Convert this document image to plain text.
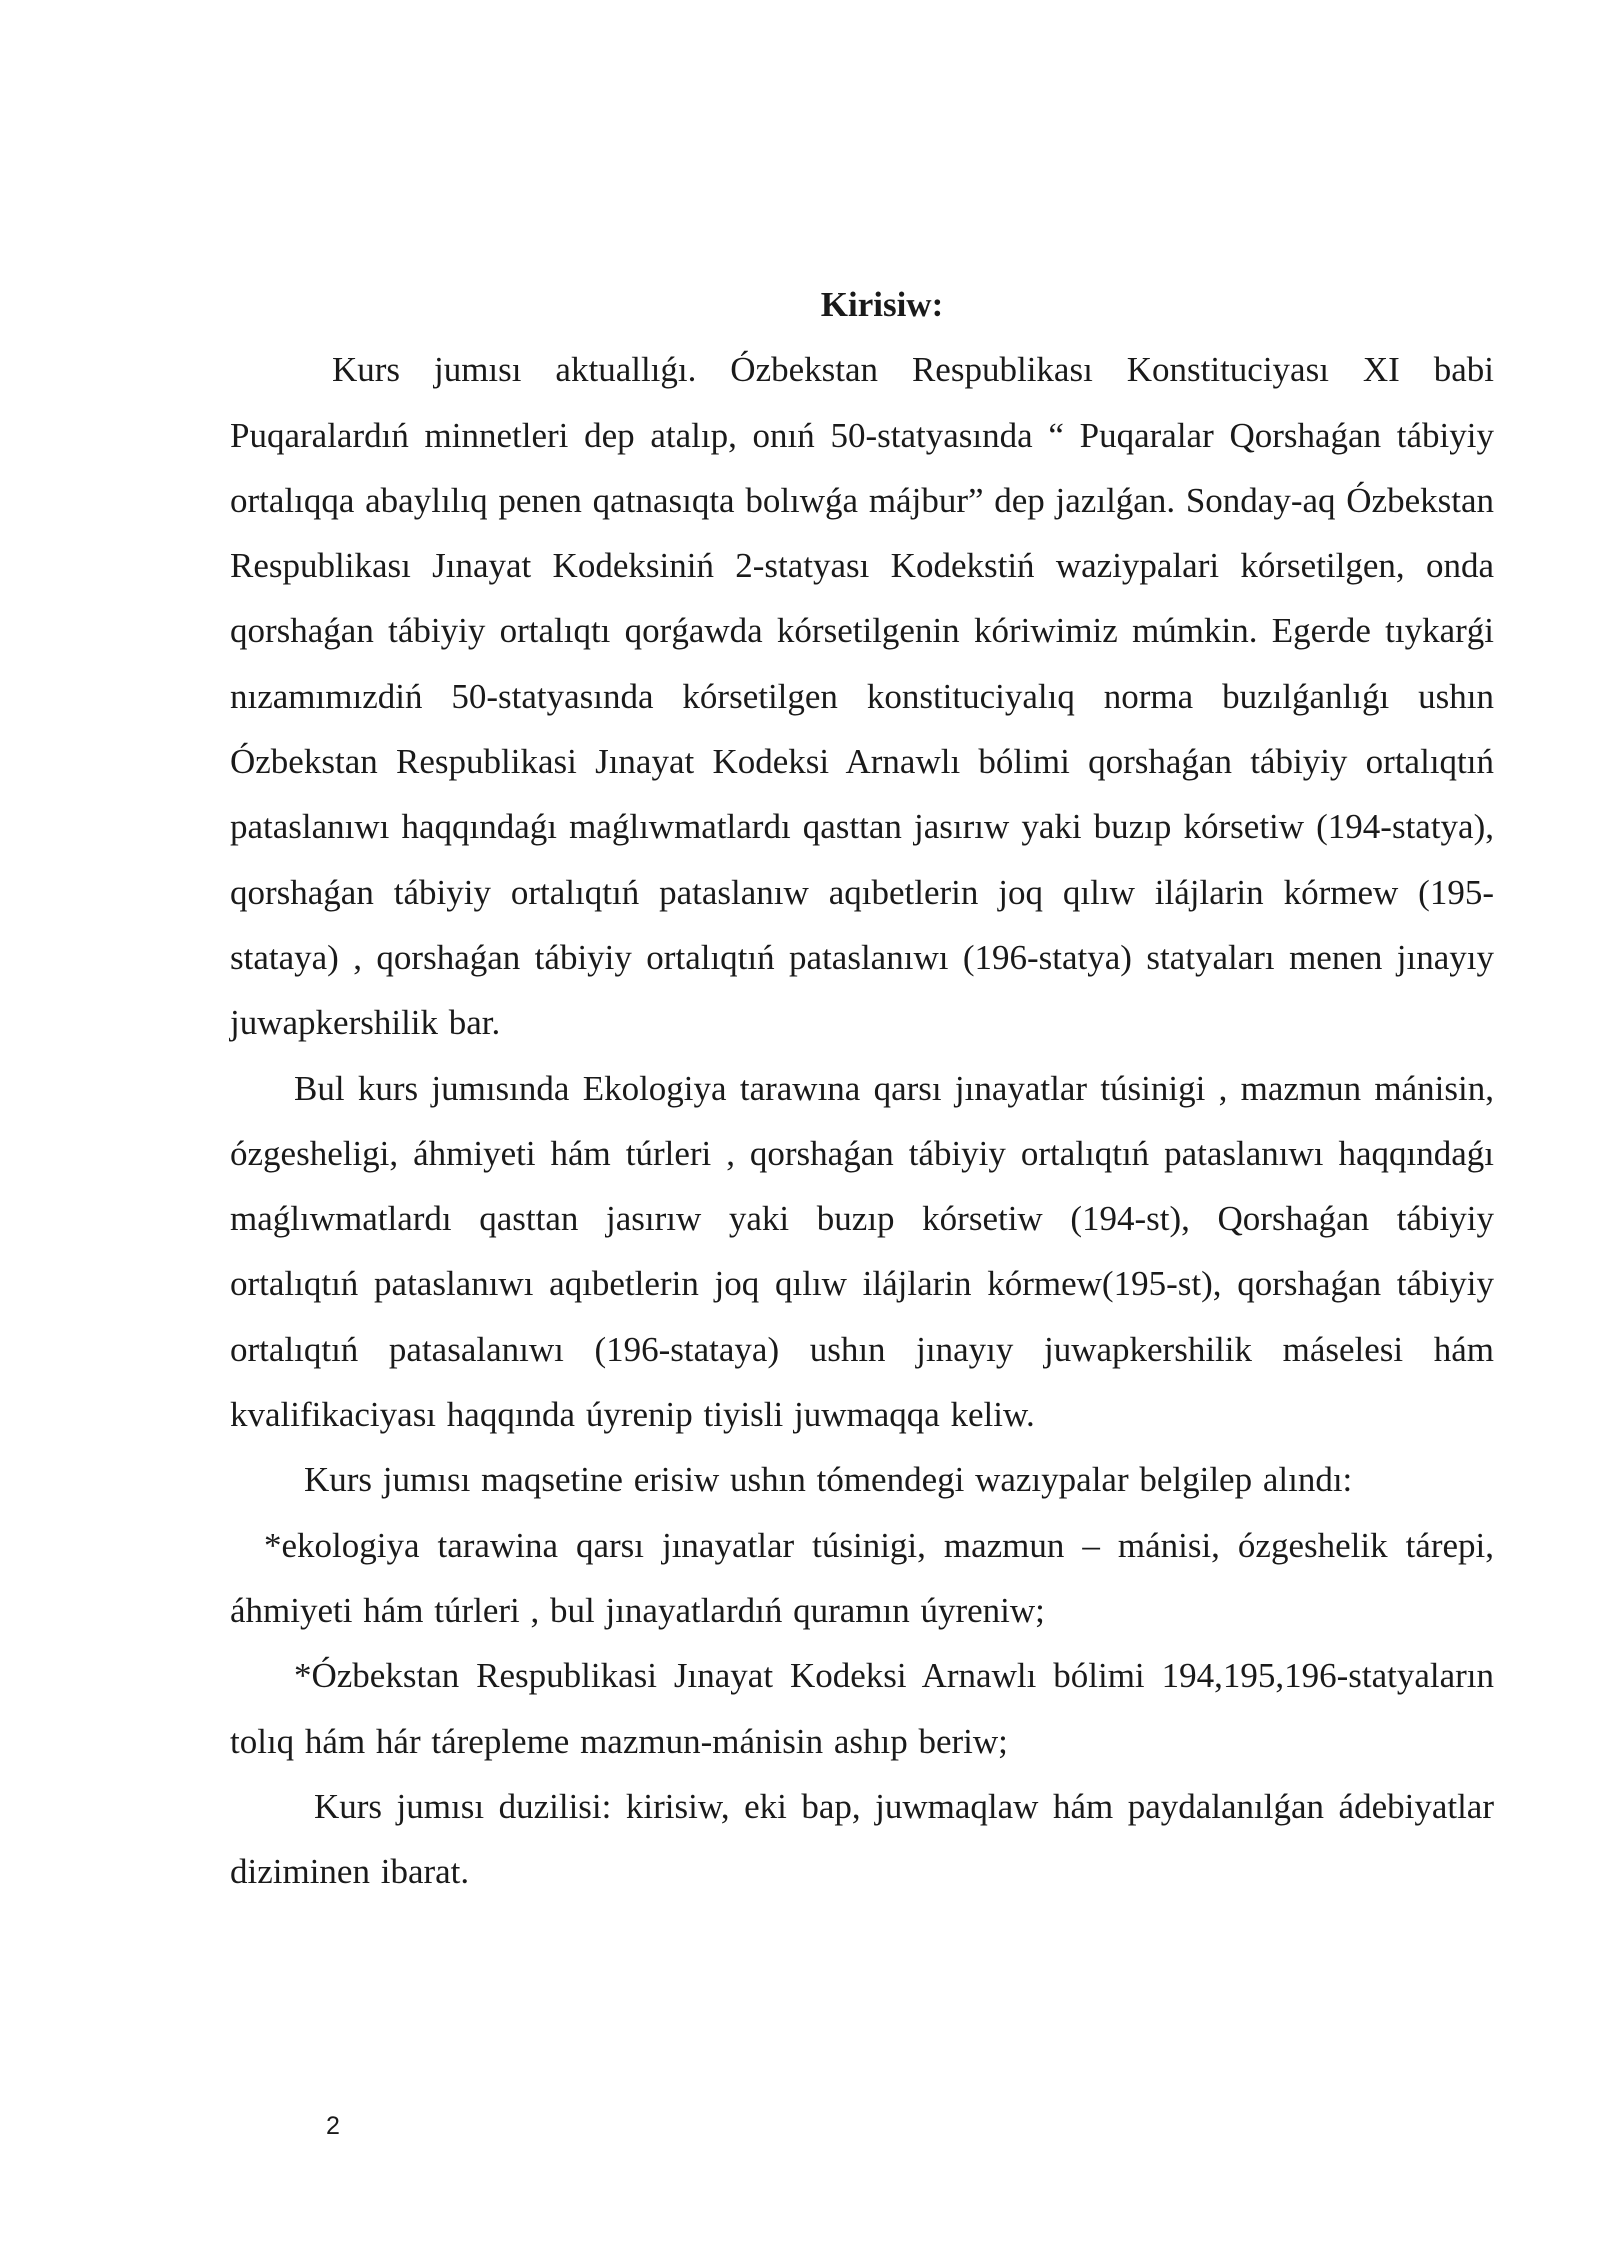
Kirisiw:

Kurs jumısı aktuallıǵı. Ózbekstan Respublikası Konstituciyası XI babi Puqaralardıń minnetleri dep atalıp, onıń 50-statyasında “ Puqaralar Qorshaǵan tábiyiy ortalıqqa abaylılıq penen qatnasıqta bolıwǵa májbur” dep jazılǵan. Sonday-aq Ózbekstan Respublikası Jınayat Kodeksiniń 2-statyası Kodekstiń waziypalari kórsetilgen, onda qorshaǵan tábiyiy ortalıqtı qorǵawda kórsetilgenin kóriwimiz múmkin. Egerde tıykarǵi nızamımızdiń 50-statyasında kórsetilgen konstituciyalıq norma buzılǵanlıǵı ushın Ózbekstan Respublikasi Jınayat Kodeksi Arnawlı bólimi qorshaǵan tábiyiy ortalıqtıń pataslanıwı haqqındaǵı maǵlıwmatlardı qasttan jasırıw yaki buzıp kórsetiw (194-statya), qorshaǵan tábiyiy ortalıqtıń pataslanıw aqıbetlerin joq qılıw ilájlarin kórmew (195-stataya) , qorshaǵan tábiyiy ortalıqtıń pataslanıwı (196-statya) statyaları menen jınayıy juwapkershilik bar.

Bul kurs jumısında Ekologiya tarawına qarsı jınayatlar túsinigi , mazmun mánisin, ózgesheligi, áhmiyeti hám túrleri , qorshaǵan tábiyiy ortalıqtıń pataslanıwı haqqındaǵı maǵlıwmatlardı qasttan jasırıw yaki buzıp kórsetiw (194-st), Qorshaǵan tábiyiy ortalıqtıń pataslanıwı aqıbetlerin joq qılıw ilájlarin kórmew(195-st), qorshaǵan tábiyiy ortalıqtıń patasalanıwı (196-stataya) ushın jınayıy juwapkershilik máselesi hám kvalifikaciyası haqqında úyrenip tiyisli juwmaqqa keliw.

Kurs jumısı maqsetine erisiw ushın tómendegi wazıypalar belgilep alındı:

*ekologiya tarawina qarsı jınayatlar túsinigi, mazmun – mánisi, ózgeshelik tárepi, áhmiyeti hám túrleri , bul jınayatlardıń quramın úyreniw;

*Ózbekstan Respublikasi Jınayat Kodeksi Arnawlı bólimi 194,195,196-statyaların tolıq hám hár tárepleme mazmun-mánisin ashıp beriw;

Kurs jumısı duzilisi: kirisiw, eki bap, juwmaqlaw hám paydalanılǵan ádebiyatlar diziminen ibarat.

2
